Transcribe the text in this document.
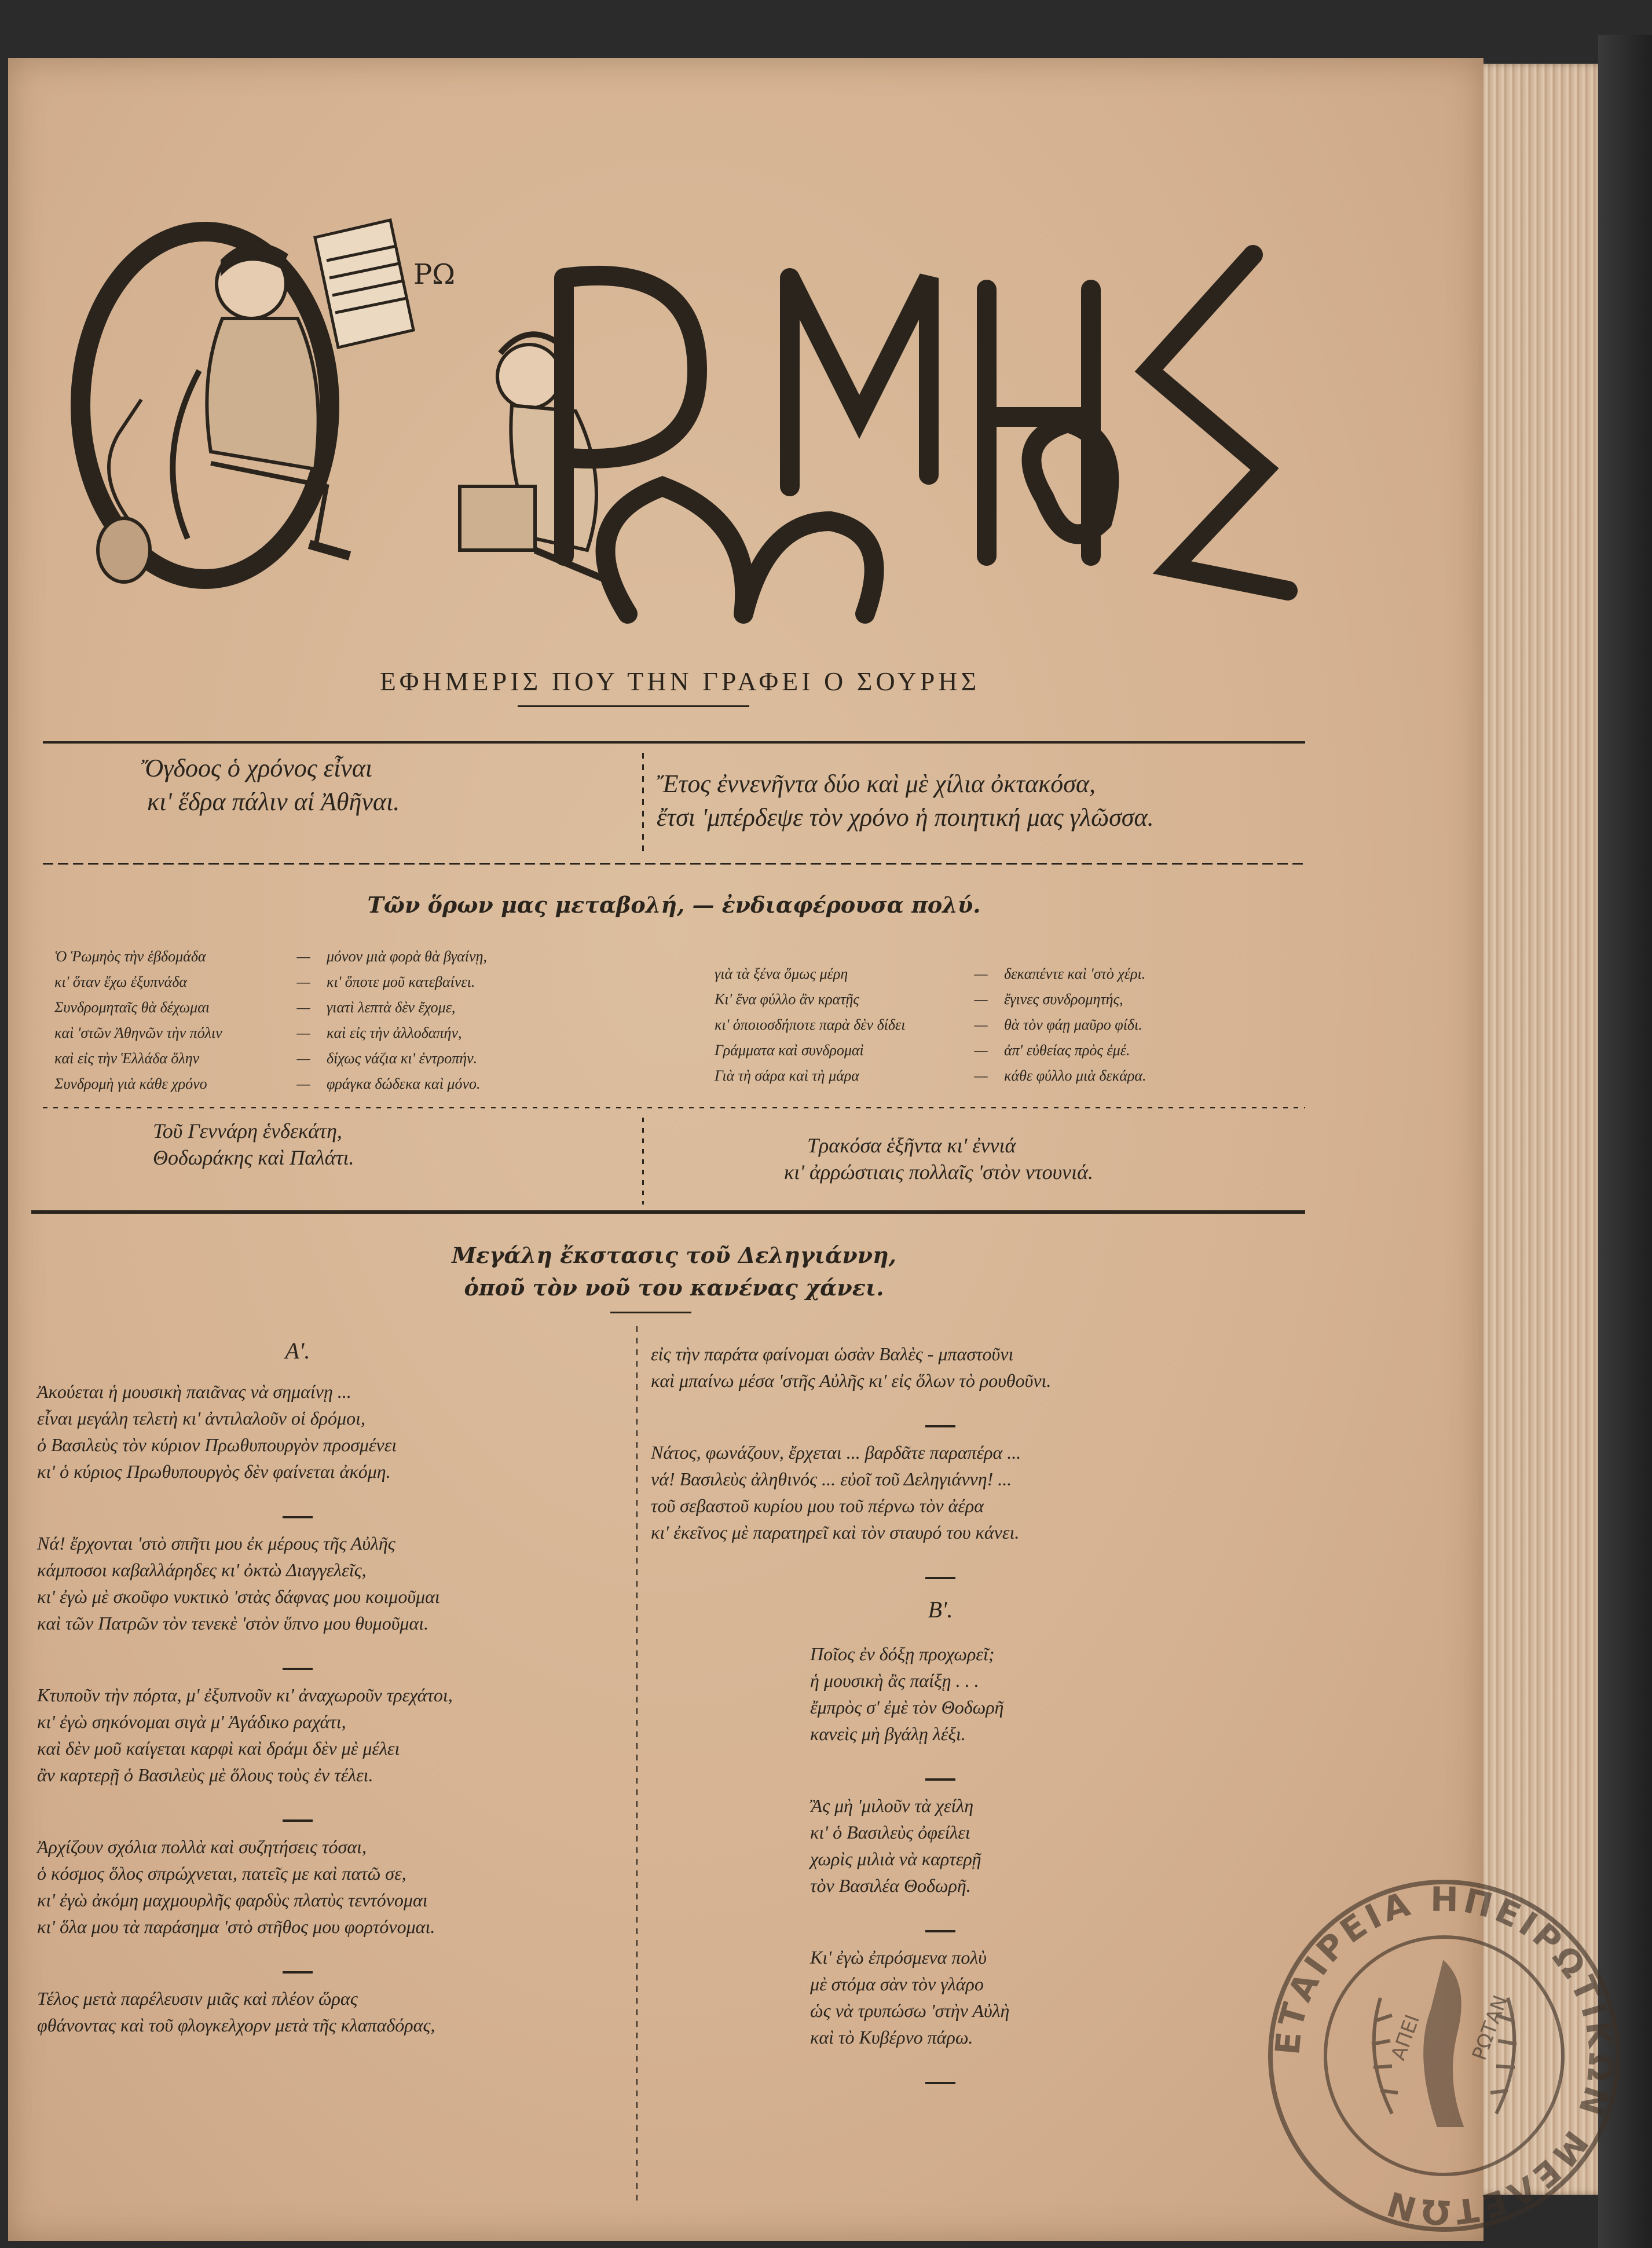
ΡΩ
ΕΦΗΜΕΡΙΣ ΠΟΥ ΤΗΝ ΓΡΑΦΕΙ Ο ΣΟΥΡΗΣ
Ὄγδοος ὁ χρόνος εἶναι
κι' ἕδρα πάλιν αἱ Ἀθῆναι.
Ἔτος ἐννενῆντα δύο καὶ μὲ χίλια ὀκτακόσα,
ἔτσι 'μπέρδεψε τὸν χρόνο ἡ ποιητική μας γλῶσσα.
Τῶν ὅρων μας μεταβολή, — ἐνδιαφέρουσα πολύ.
Ὁ Ῥωμηὸς τὴν ἑβδομάδα	—	μόνον μιὰ φορὰ θὰ βγαίνῃ,
κι' ὅταν ἔχω ἐξυπνάδα	—	κι' ὅποτε μοῦ κατεβαίνει.
Συνδρομηταῖς θὰ δέχωμαι	—	γιατὶ λεπτὰ δὲν ἔχομε,
καὶ 'στῶν Ἀθηνῶν τὴν πόλιν	—	καὶ εἰς τὴν ἀλλοδαπήν,
καὶ εἰς τὴν Ἑλλάδα ὅλην	—	δίχως νάζια κι' ἐντροπήν.
Συνδρομὴ γιὰ κάθε χρόνο	—	φράγκα δώδεκα καὶ μόνο.
γιὰ τὰ ξένα ὅμως μέρη	—	δεκαπέντε καὶ 'στὸ χέρι.
Κι' ἕνα φύλλο ἂν κρατῇς	—	ἔγινες συνδρομητής,
κι' ὁποιοσδήποτε παρὰ δὲν δίδει	—	θὰ τὸν φάῃ μαῦρο φίδι.
Γράμματα καὶ συνδρομαὶ	—	ἀπ' εὐθείας πρὸς ἐμέ.
Γιὰ τὴ σάρα καὶ τὴ μάρα	—	κάθε φύλλο μιὰ δεκάρα.
Τοῦ Γεννάρη ἑνδεκάτη,
Θοδωράκης καὶ Παλάτι.
Τρακόσα ἑξῆντα κι' ἐννιά
κι' ἀρρώστιαις πολλαῖς 'στὸν ντουνιά.
Μεγάλη ἔκστασις τοῦ Δεληγιάννη,
ὁποῦ τὸν νοῦ του κανένας χάνει.
Α'.
Ἀκούεται ἡ μουσικὴ παιᾶνας νὰ σημαίνῃ ...
εἶναι μεγάλη τελετὴ κι' ἀντιλαλοῦν οἱ δρόμοι,
ὁ Βασιλεὺς τὸν κύριον Πρωθυπουργὸν προσμένει
κι' ὁ κύριος Πρωθυπουργὸς δὲν φαίνεται ἀκόμη.
Νά! ἔρχονται 'στὸ σπῆτι μου ἐκ μέρους τῆς Αὐλῆς
κάμποσοι καβαλλάρηδες κι' ὀκτὼ Διαγγελεῖς,
κι' ἐγὼ μὲ σκοῦφο νυκτικὸ 'στὰς δάφνας μου κοιμοῦμαι
καὶ τῶν Πατρῶν τὸν τενεκὲ 'στὸν ὕπνο μου θυμοῦμαι.
Κτυποῦν τὴν πόρτα, μ' ἐξυπνοῦν κι' ἀναχωροῦν τρεχάτοι,
κι' ἐγὼ σηκόνομαι σιγὰ μ' Ἀγάδικο ραχάτι,
καὶ δὲν μοῦ καίγεται καρφὶ καὶ δράμι δὲν μὲ μέλει
ἂν καρτερῇ ὁ Βασιλεὺς μὲ ὅλους τοὺς ἐν τέλει.
Ἀρχίζουν σχόλια πολλὰ καὶ συζητήσεις τόσαι,
ὁ κόσμος ὅλος σπρώχνεται, πατεῖς με καὶ πατῶ σε,
κι' ἐγὼ ἀκόμη μαχμουρλῆς φαρδὺς πλατὺς τεντόνομαι
κι' ὅλα μου τὰ παράσημα 'στὸ στῆθος μου φορτόνομαι.
Τέλος μετὰ παρέλευσιν μιᾶς καὶ πλέον ὥρας
φθάνοντας καὶ τοῦ φλογκελχορν μετὰ τῆς κλαπαδόρας,
εἰς τὴν παράτα φαίνομαι ὡσὰν Βαλὲς - μπαστοῦνι
καὶ μπαίνω μέσα 'στῆς Αὐλῆς κι' εἰς ὅλων τὸ ρουθοῦνι.
Νάτος, φωνάζουν, ἔρχεται ... βαρδᾶτε παραπέρα ...
νά! Βασιλεὺς ἀληθινός ... εὐοῖ τοῦ Δεληγιάννη! ...
τοῦ σεβαστοῦ κυρίου μου τοῦ πέρνω τὸν ἀέρα
κι' ἐκεῖνος μὲ παρατηρεῖ καὶ τὸν σταυρό του κάνει.
Β'.
Ποῖος ἐν δόξῃ προχωρεῖ;
ἡ μουσικὴ ἂς παίξῃ . . .
ἔμπρὸς σ' ἐμὲ τὸν Θοδωρῆ
κανεὶς μὴ βγάλῃ λέξι.
Ἂς μὴ 'μιλοῦν τὰ χείλη
κι' ὁ Βασιλεὺς ὀφείλει
χωρὶς μιλιὰ νὰ καρτερῇ
τὸν Βασιλέα Θοδωρῆ.
Κι' ἐγὼ ἐπρόσμενα πολὺ
μὲ στόμα σὰν τὸν γλάρο
ὡς νὰ τρυπώσω 'στὴν Αὐλὴ
καὶ τὸ Κυβέρνο πάρω.	ΕΤΑΙΡΕΙΑ ΗΠΕΙΡΩΤΙΚΩΝ ΜΕΛΕΤΩΝ
ΑΠΕΙ ΡΩΤΑΝ
